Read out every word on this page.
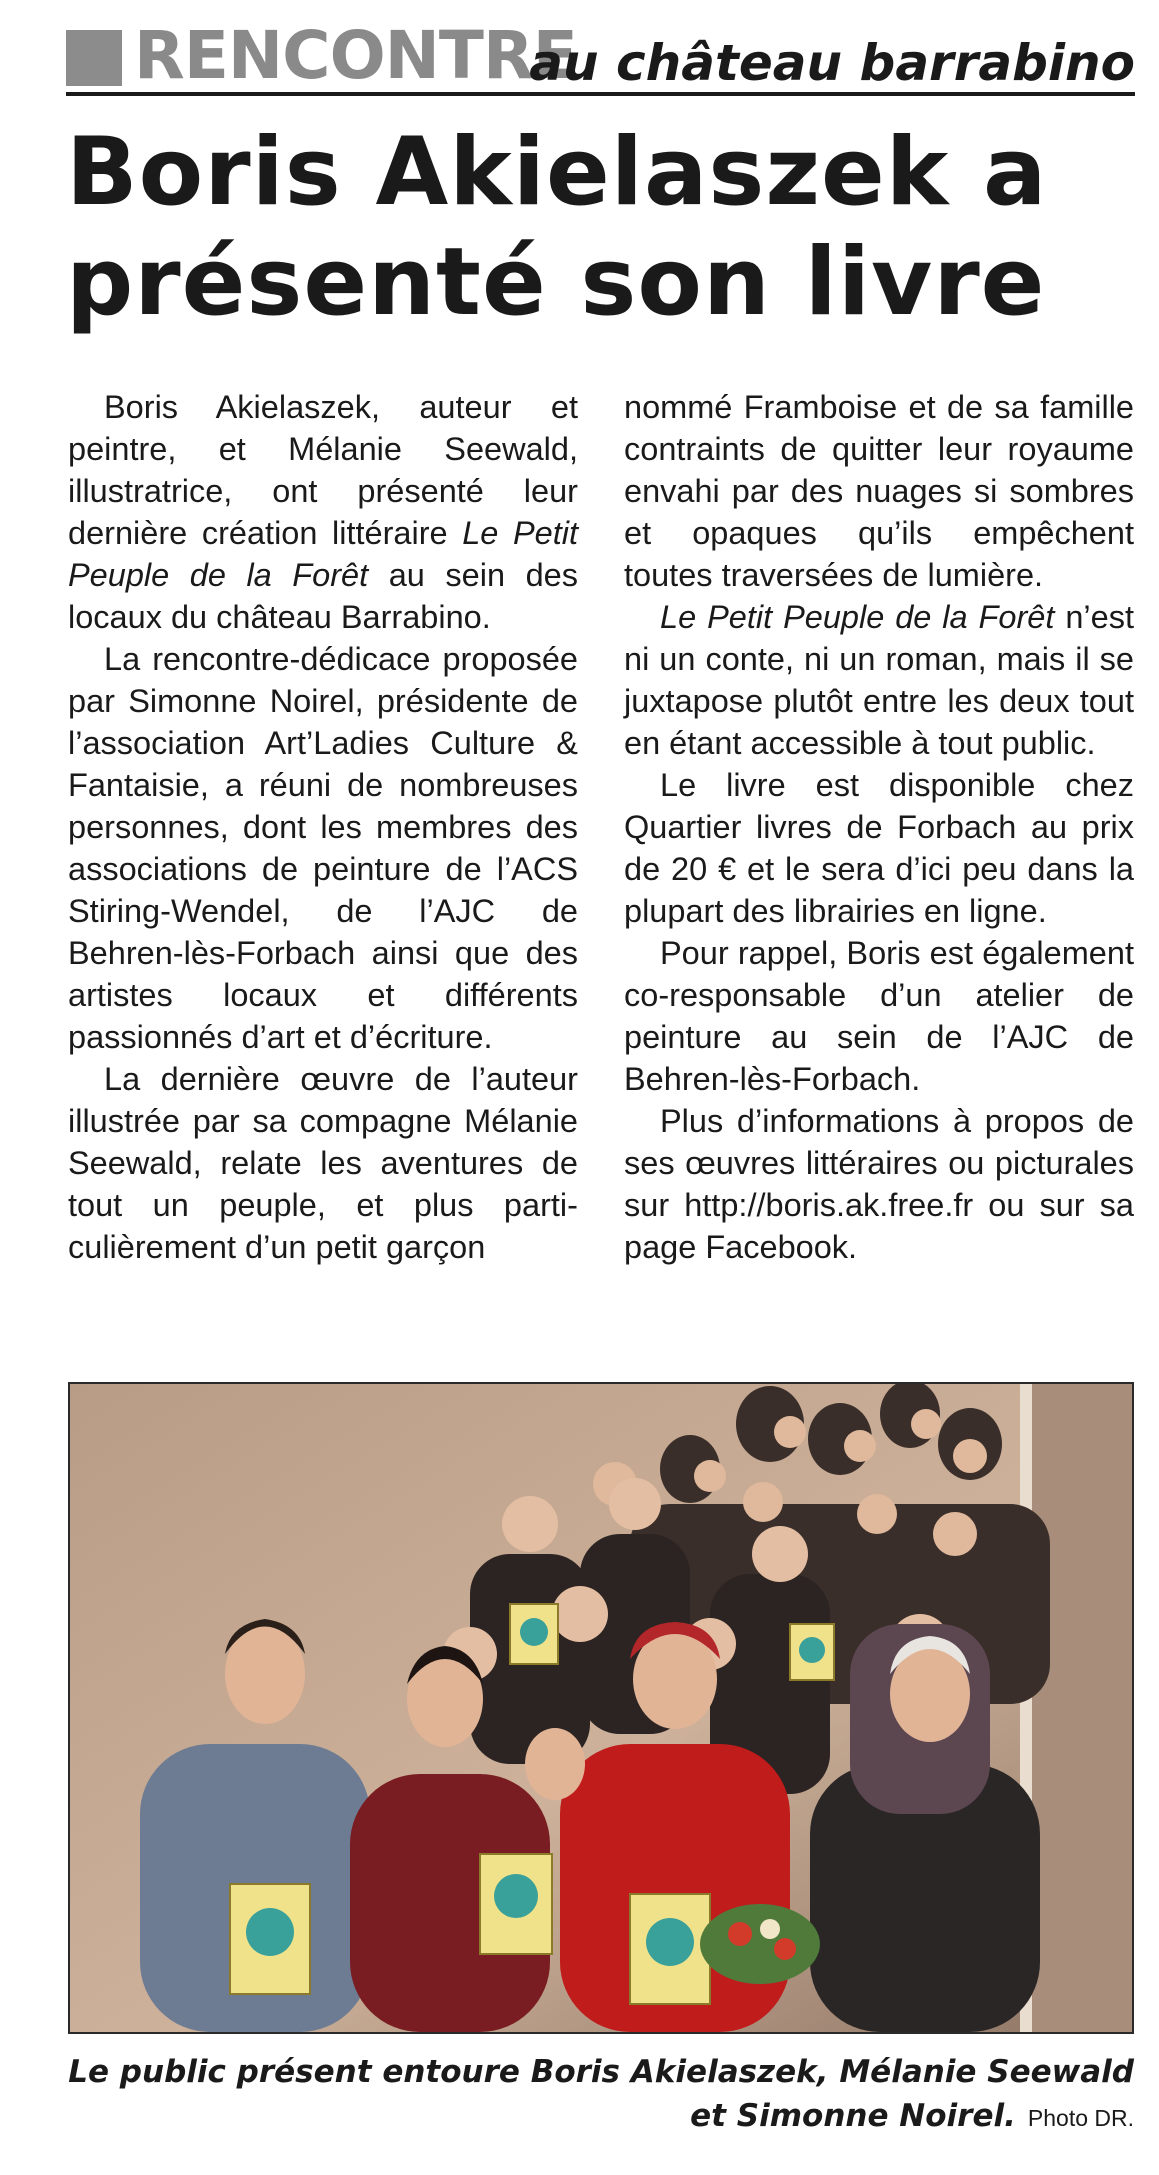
RENCONTRE
au château barrabino
Boris Akielaszek a
présenté son livre

Boris Akielaszek, auteur et peintre, et Mélanie Seewald, illustratrice, ont présenté leur dernière création littéraire Le Petit Peuple de la Forêt au sein des locaux du château Barrabino.

La rencontre-dédicace proposée par Simonne Noirel, présidente de l’association Art’Ladies Culture & Fantaisie, a réuni de nombreuses personnes, dont les membres des associations de peinture de l’ACS Stiring-Wendel, de l’AJC de Behren-lès-Forbach ainsi que des artistes locaux et différents passionnés d’art et d’écriture.

La dernière œuvre de l’auteur illustrée par sa compagne Mélanie Seewald, relate les aventures de tout un peuple, et plus particulièrement d’un petit garçon

nommé Framboise et de sa famille contraints de quitter leur royaume envahi par des nuages si sombres et opaques qu’ils empêchent toutes traversées de lumière.

Le Petit Peuple de la Forêt n’est ni un conte, ni un roman, mais il se juxtapose plutôt entre les deux tout en étant accessible à tout public.

Le livre est disponible chez Quartier livres de Forbach au prix de 20 € et le sera d’ici peu dans la plupart des librairies en ligne.

Pour rappel, Boris est également co-responsable d’un atelier de peinture au sein de l’AJC de Behren-lès-Forbach.

Plus d’informations à propos de ses œuvres littéraires ou picturales sur http://boris.ak.free.fr ou sur sa page Facebook.

Le public présent entoure Boris Akielaszek, Mélanie Seewald et Simonne Noirel. Photo DR.
